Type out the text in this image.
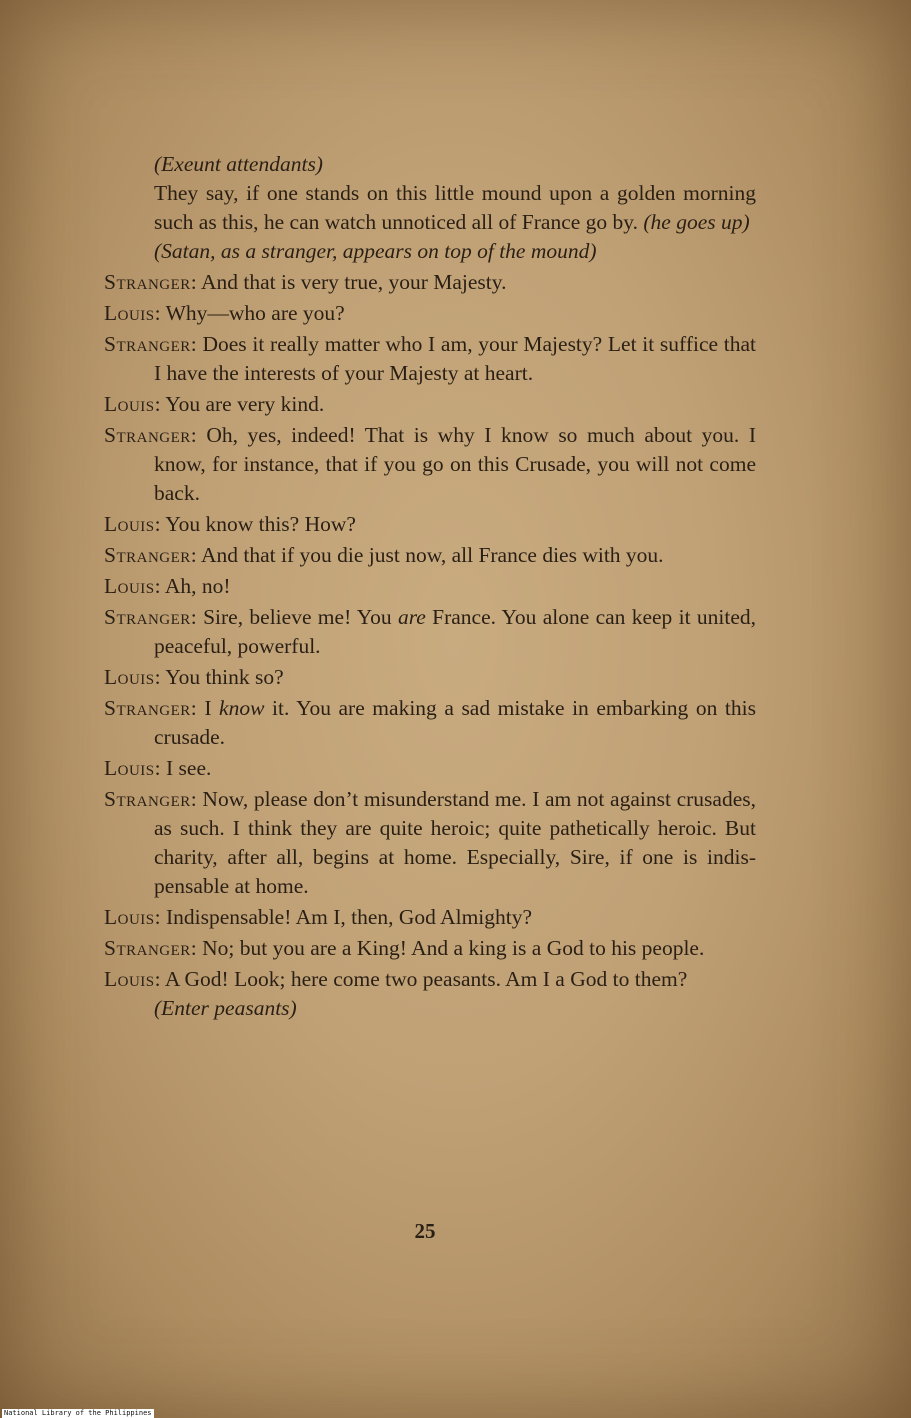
(Exeunt attendants)

They say, if one stands on this little mound upon a golden morning such as this, he can watch unnoticed all of France go by. (he goes up)

(Satan, as a stranger, appears on top of the mound)

Stranger: And that is very true, your Majesty.

Louis: Why—who are you?

Stranger: Does it really matter who I am, your Majesty? Let it suffice that I have the interests of your Majesty at heart.

Louis: You are very kind.

Stranger: Oh, yes, indeed! That is why I know so much about you. I know, for instance, that if you go on this Crusade, you will not come back.

Louis: You know this? How?

Stranger: And that if you die just now, all France dies with you.

Louis: Ah, no!

Stranger: Sire, believe me! You are France. You alone can keep it united, peaceful, powerful.

Louis: You think so?

Stranger: I know it. You are making a sad mistake in embarking on this crusade.

Louis: I see.

Stranger: Now, please don’t misunderstand me. I am not against crusades, as such. I think they are quite heroic; quite pathetically heroic. But charity, after all, begins at home. Especially, Sire, if one is indispensable at home.

Louis: Indispensable! Am I, then, God Almighty?

Stranger: No; but you are a King! And a king is a God to his people.

Louis: A God! Look; here come two peasants. Am I a God to them?

(Enter peasants)

25
National Library of the Philippines
